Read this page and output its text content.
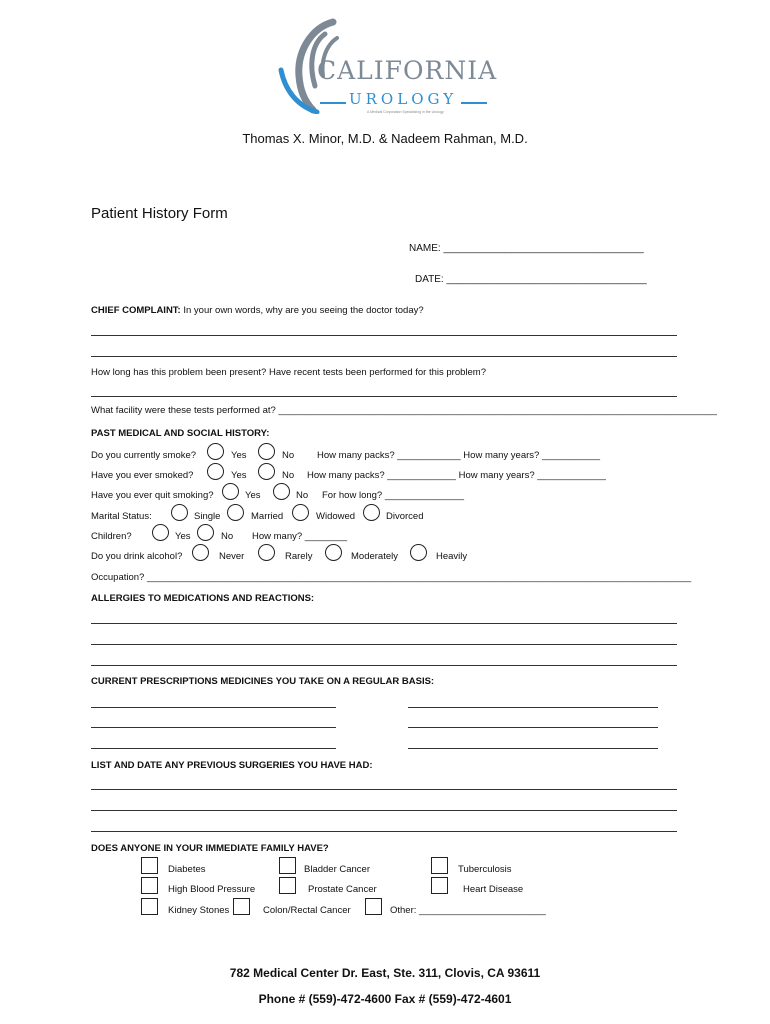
CALIFORNIA
UROLOGY
A Medical Corporation Specializing in the Urology
Thomas X. Minor, M.D. & Nadeem Rahman, M.D.
Patient History Form
NAME: ____________________________________
DATE: ____________________________________
CHIEF COMPLAINT: In your own words, why are you seeing the doctor today?
How long has this problem been present? Have recent tests been performed for this problem?
What facility were these tests performed at? ___________________________________________________________________________________
PAST MEDICAL AND SOCIAL HISTORY:
Do you currently smoke?	Yes	No How many packs? ____________ How many years? ___________
Have you ever smoked?	Yes	No How many packs? _____________ How many years? _____________
Have you ever quit smoking?	Yes	No For how long? _______________
Marital Status:	Single	Married	Widowed	Divorced
Children?	Yes	No How many? ________
Do you drink alcohol?	Never	Rarely	Moderately	Heavily
Occupation? _______________________________________________________________________________________________________
ALLERGIES TO MEDICATIONS AND REACTIONS:
CURRENT PRESCRIPTIONS MEDICINES YOU TAKE ON A REGULAR BASIS:
LIST AND DATE ANY PREVIOUS SURGERIES YOU HAVE HAD:
DOES ANYONE IN YOUR IMMEDIATE FAMILY HAVE?
Diabetes	Bladder Cancer	Tuberculosis
High Blood Pressure	Prostate Cancer	Heart Disease
Kidney Stones	Colon/Rectal Cancer	Other: ________________________
782 Medical Center Dr. East, Ste. 311, Clovis, CA 93611
Phone # (559)-472-4600 Fax # (559)-472-4601
